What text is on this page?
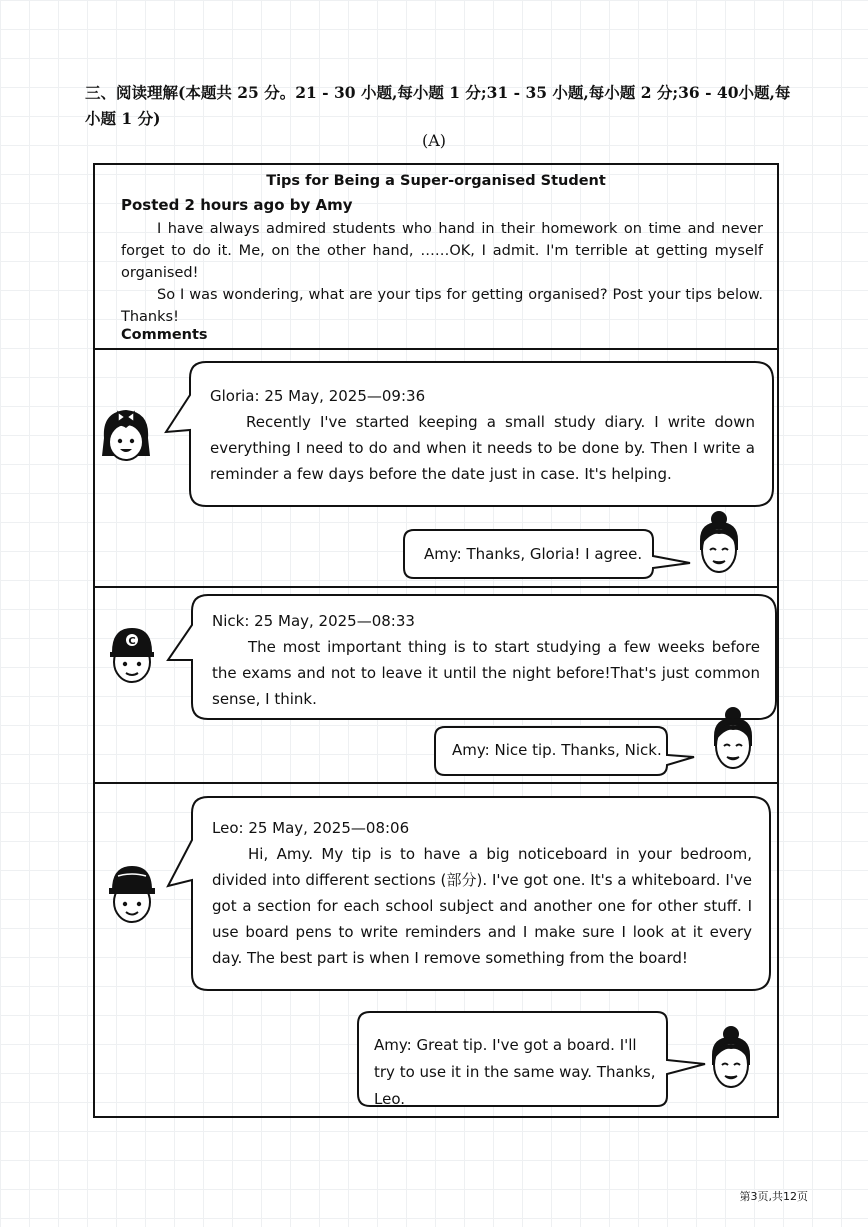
三、阅读理解(本题共 25 分。21 - 30 小题,每小题 1 分;31 - 35 小题,每小题 2 分;36 - 40小题,每小题 1 分)
(A)
Tips for Being a Super-organised Student
Posted 2 hours ago by Amy

I have always admired students who hand in their homework on time and never forget to do it. Me, on the other hand, ……OK, I admit. I'm terrible at getting myself organised!

So I was wondering, what are your tips for getting organised? Post your tips below. Thanks!

Comments
Gloria: 25 May, 2025—09:36
Recently I've started keeping a small study diary. I write down everything I need to do and when it needs to be done by. Then I write a reminder a few days before the date just in case. It's helping.
Amy: Thanks, Gloria! I agree.
Nick: 25 May, 2025—08:33
The most important thing is to start studying a few weeks before the exams and not to leave it until the night before!That's just common sense, I think.
Amy: Nice tip. Thanks, Nick.
Leo: 25 May, 2025—08:06
Hi, Amy. My tip is to have a big noticeboard in your bedroom, divided into different sections (部分). I've got one. It's a whiteboard. I've got a section for each school subject and another one for other stuff. I use board pens to write reminders and I make sure I look at it every day. The best part is when I remove something from the board!
Amy: Great tip. I've got a board. I'll try to use it in the same way. Thanks, Leo.
C
第3页,共12页
